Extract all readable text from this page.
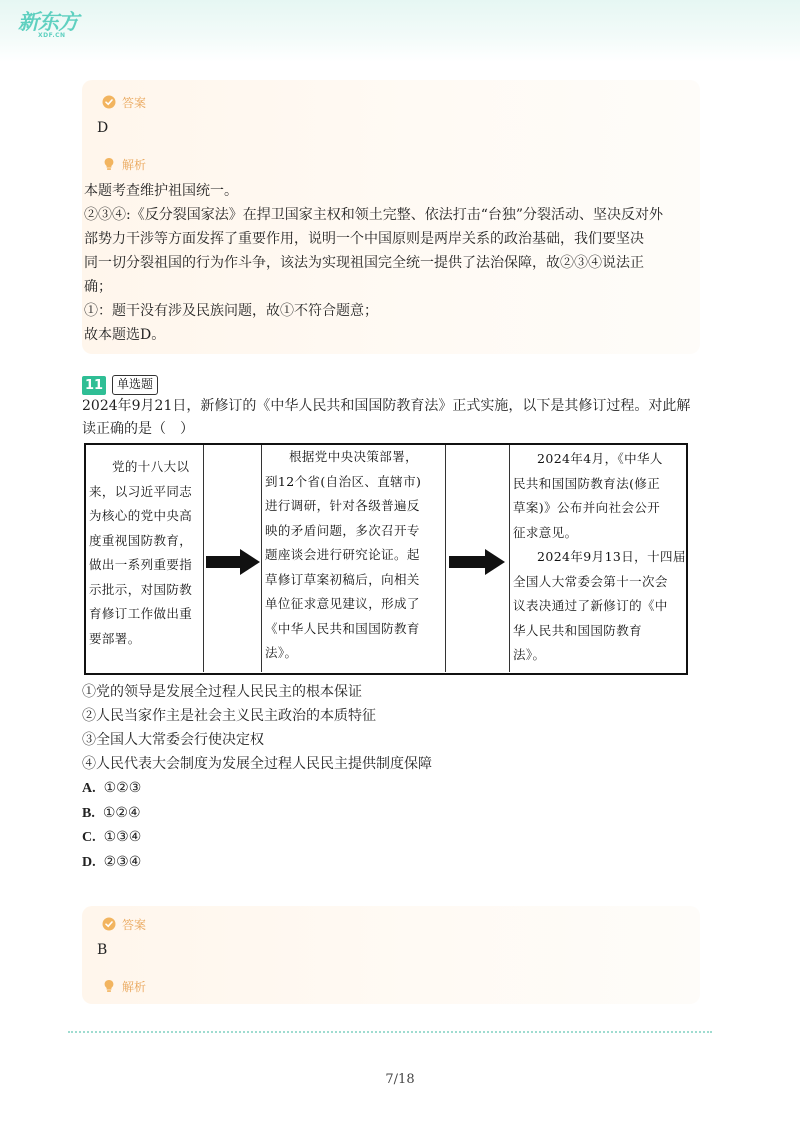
新东方
XDF.CN
答案
D
解析
本题考查维护祖国统一。
②③④:《反分裂国家法》在捍卫国家主权和领土完整、依法打击“台独”分裂活动、坚决反对外
部势力干涉等方面发挥了重要作用，说明一个中国原则是两岸关系的政治基础，我们要坚决
同一切分裂祖国的行为作斗争，该法为实现祖国完全统一提供了法治保障，故②③④说法正
确；
①：题干没有涉及民族问题，故①不符合题意；
故本题选D。
11	单选题
2024年9月21日，新修订的《中华人民共和国国防教育法》正式实施，以下是其修订过程。对此解
读正确的是（　）
党的十八大以
来，以习近平同志
为核心的党中央高
度重视国防教育，
做出一系列重要指
示批示，对国防教
育修订工作做出重
要部署。
根据党中央决策部署，
到12个省(自治区、直辖市)
进行调研，针对各级普遍反
映的矛盾问题，多次召开专
题座谈会进行研究论证。起
草修订草案初稿后，向相关
单位征求意见建议，形成了
《中华人民共和国国防教育
法》。
2024年4月，《中华人
民共和国国防教育法(修正
草案)》公布并向社会公开
征求意见。
2024年9月13日，十四届
全国人大常委会第十一次会
议表决通过了新修订的《中
华人民共和国国防教育
法》。
①党的领导是发展全过程人民民主的根本保证
②人民当家作主是社会主义民主政治的本质特征
③全国人大常委会行使决定权
④人民代表大会制度为发展全过程人民民主提供制度保障
A. ①②③
B. ①②④
C. ①③④
D. ②③④
答案
B
解析
7/18
